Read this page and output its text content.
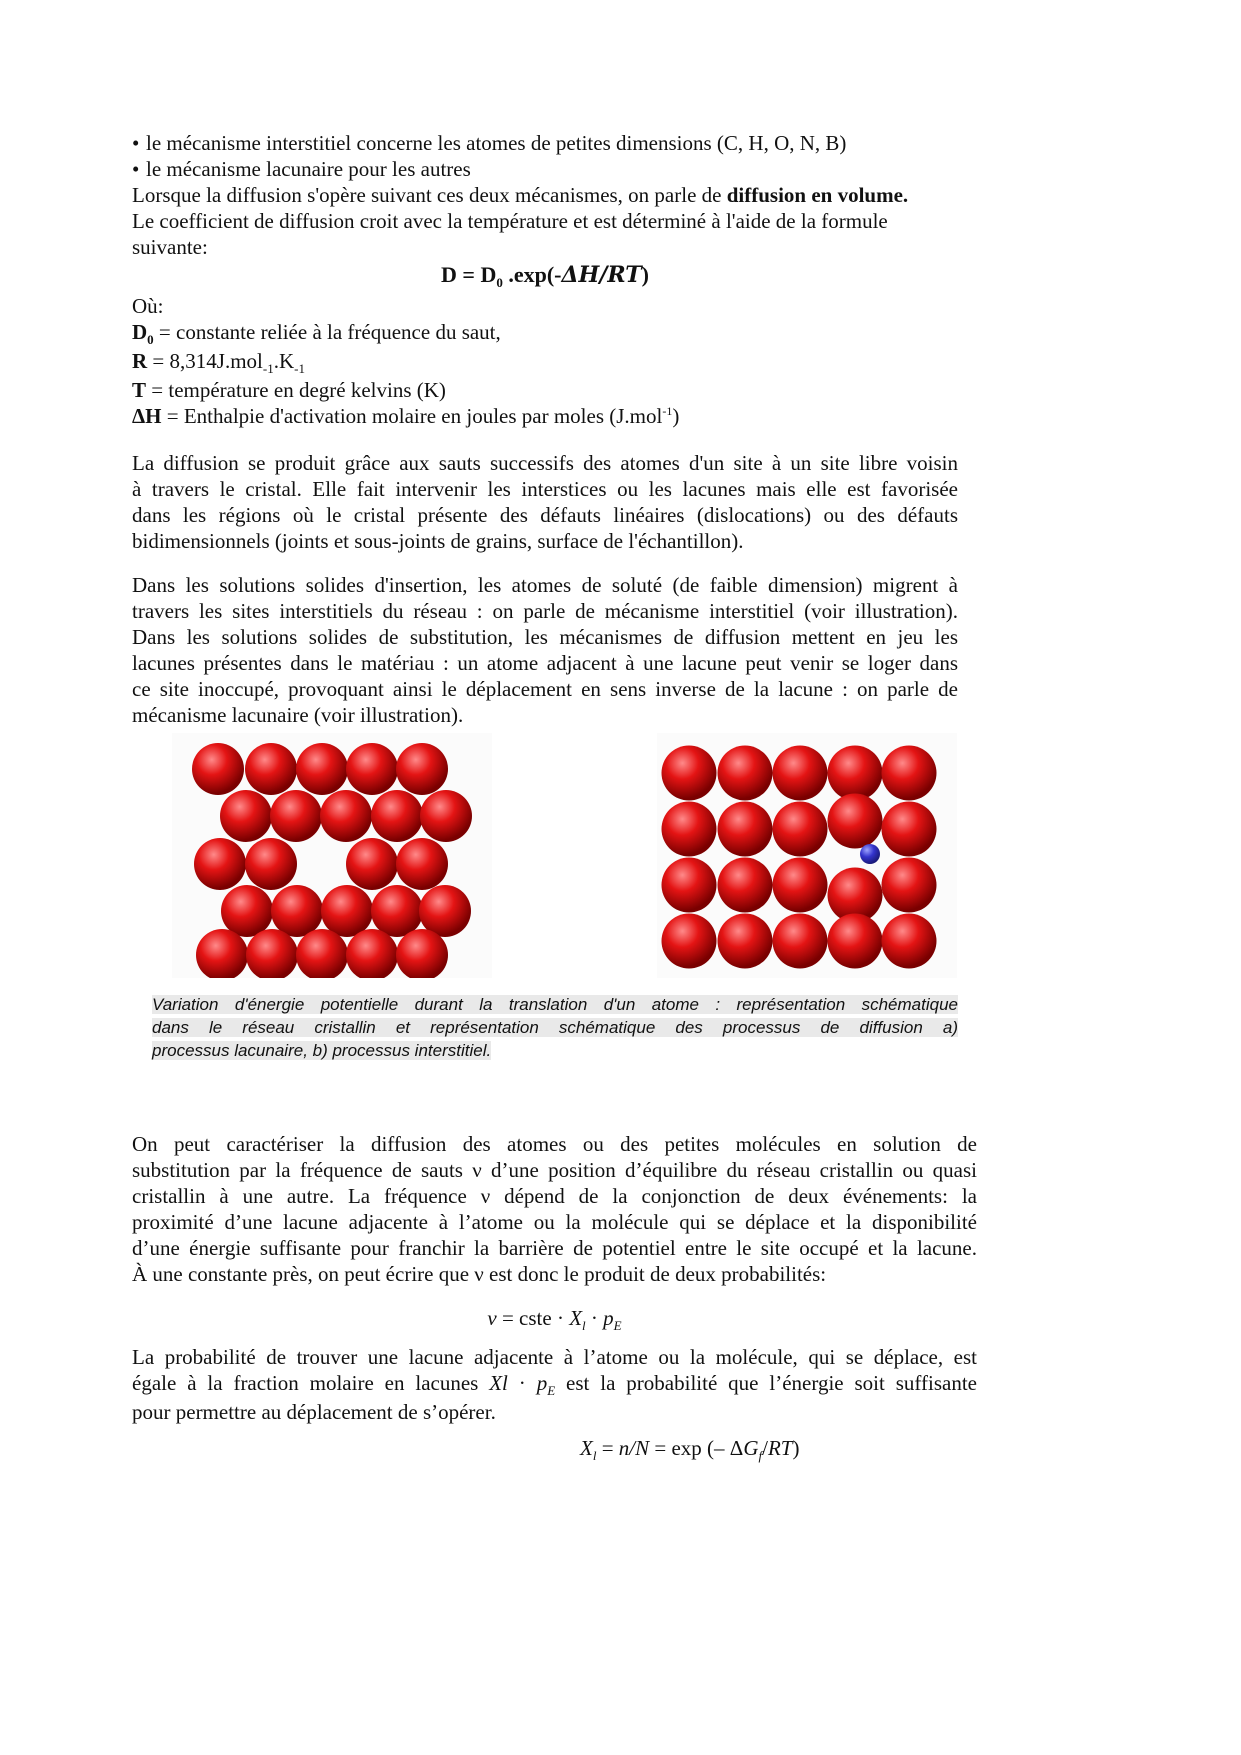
• le mécanisme interstitiel concerne les atomes de petites dimensions (C, H, O, N, B)
• le mécanisme lacunaire pour les autres
Lorsque la diffusion s'opère suivant ces deux mécanismes, on parle de diffusion en volume.
Le coefficient de diffusion croit avec la température et est déterminé à l'aide de la formule
suivante:
$D = D_0$ .exp(-ΔH/RT)
Où:
$D_0$ = constante reliée à la fréquence du saut,
$R = 8,314J.mol_{-1}.K_{-1}$
T = température en degré kelvins (K)
ΔH = Enthalpie d'activation molaire en joules par moles (J.mol$^{-1}$)
La diffusion se produit grâce aux sauts successifs des atomes d'un site à un site libre voisin
à travers le cristal. Elle fait intervenir les interstices ou les lacunes mais elle est favorisée
dans les régions où le cristal présente des défauts linéaires (dislocations) ou des défauts
bidimensionnels (joints et sous-joints de grains, surface de l'échantillon).
Dans les solutions solides d'insertion, les atomes de soluté (de faible dimension) migrent à
travers les sites interstitiels du réseau : on parle de mécanisme interstitiel (voir illustration).
Dans les solutions solides de substitution, les mécanismes de diffusion mettent en jeu les
lacunes présentes dans le matériau : un atome adjacent à une lacune peut venir se loger dans
ce site inoccupé, provoquant ainsi le déplacement en sens inverse de la lacune : on parle de
mécanisme lacunaire (voir illustration).
Variation d'énergie potentielle durant la translation d'un atome : représentation schématique
dans le réseau cristallin et représentation schématique des processus de diffusion a)
processus lacunaire, b) processus interstitiel.
On peut caractériser la diffusion des atomes ou des petites molécules en solution de
substitution par la fréquence de sauts ν d’une position d’équilibre du réseau cristallin ou quasi
cristallin à une autre. La fréquence ν dépend de la conjonction de deux événements: la
proximité d’une lacune adjacente à l’atome ou la molécule qui se déplace et la disponibilité
d’une énergie suffisante pour franchir la barrière de potentiel entre le site occupé et la lacune.
À une constante près, on peut écrire que ν est donc le produit de deux probabilités:
ν = cste · $X_l \cdot p_E$
La probabilité de trouver une lacune adjacente à l’atome ou la molécule, qui se déplace, est
égale à la fraction molaire en lacunes $Xl \cdot p_E$ est la probabilité que l’énergie soit suffisante
pour permettre au déplacement de s’opérer.
$X_l = n/N = \exp$ (– $\Delta G_f/RT$)
